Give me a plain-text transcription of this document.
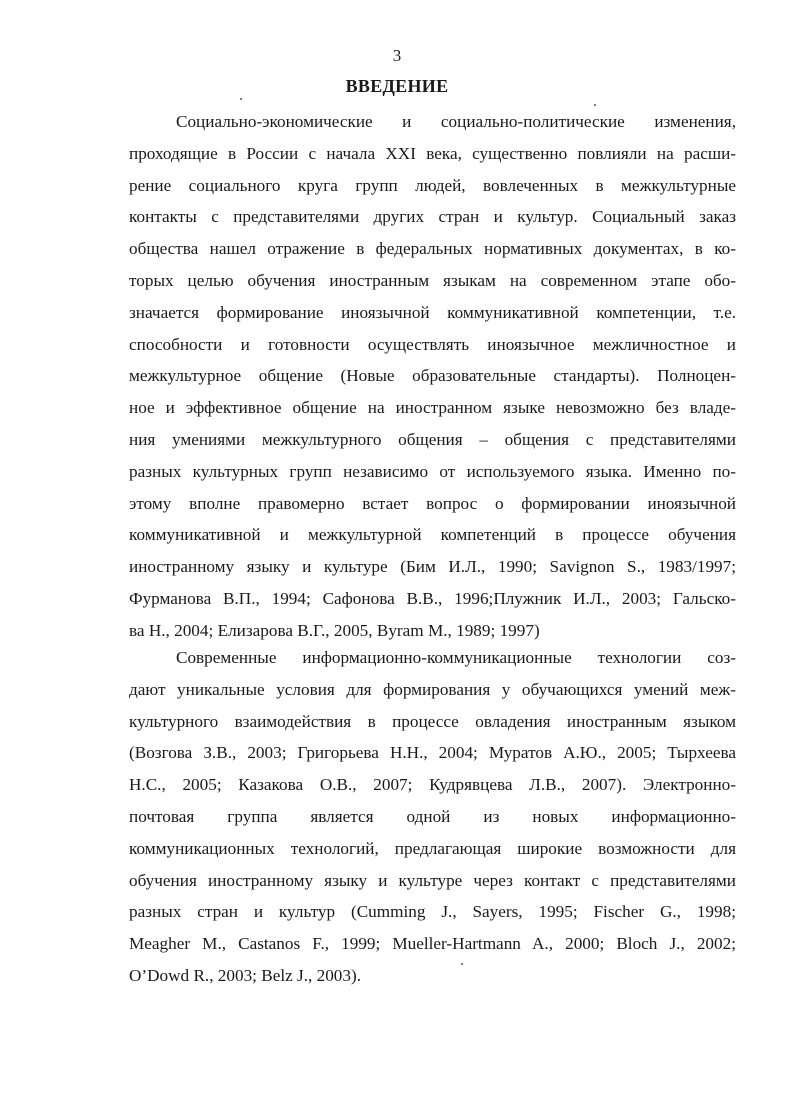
3
ВВЕДЕНИЕ
Социально-экономические и социально-политические изменения,
проходящие в России с начала XXI века, существенно повлияли на расши-
рение социального круга групп людей, вовлеченных в межкультурные
контакты с представителями других стран и культур. Социальный заказ
общества нашел отражение в федеральных нормативных документах, в ко-
торых целью обучения иностранным языкам на современном этапе обо-
значается формирование иноязычной коммуникативной компетенции, т.е.
способности и готовности осуществлять иноязычное межличностное и
межкультурное общение (Новые образовательные стандарты). Полноцен-
ное и эффективное общение на иностранном языке невозможно без владе-
ния умениями межкультурного общения – общения с представителями
разных культурных групп независимо от используемого языка. Именно по-
этому вполне правомерно встает вопрос о формировании иноязычной
коммуникативной и межкультурной компетенций в процессе обучения
иностранному языку и культуре (Бим И.Л., 1990; Savignon S., 1983/1997;
Фурманова В.П., 1994; Сафонова В.В., 1996;Плужник И.Л., 2003; Гальско-
ва Н., 2004; Елизарова В.Г., 2005, Byram M., 1989; 1997)
Современные информационно-коммуникационные технологии соз-
дают уникальные условия для формирования у обучающихся умений меж-
культурного взаимодействия в процессе овладения иностранным языком
(Возгова З.В., 2003; Григорьева Н.Н., 2004; Муратов А.Ю., 2005; Тырхеева
Н.С., 2005; Казакова О.В., 2007; Кудрявцева Л.В., 2007). Электронно-
почтовая группа является одной из новых информационно-
коммуникационных технологий, предлагающая широкие возможности для
обучения иностранному языку и культуре через контакт с представителями
разных стран и культур (Cumming J., Sayers, 1995; Fischer G., 1998;
Meagher M., Castanos F., 1999; Mueller-Hartmann A., 2000; Bloch J., 2002;
O’Dowd R., 2003; Belz J., 2003).
